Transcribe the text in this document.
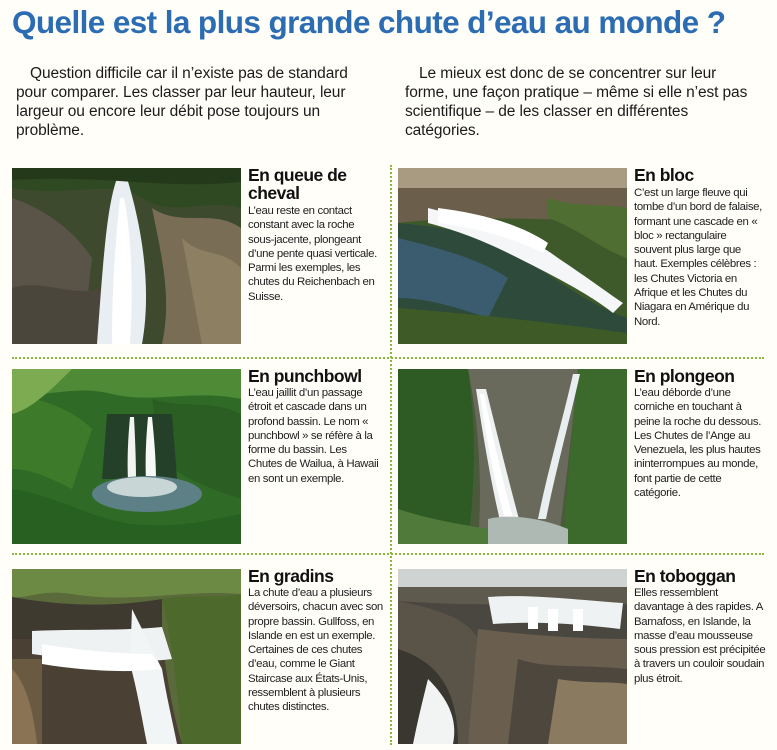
Quelle est la plus grande chute d’eau au monde ?

Question difficile car il n’existe pas de standard pour comparer. Les classer par leur hauteur, leur largeur ou encore leur débit pose toujours un problème.

Le mieux est donc de se concentrer sur leur forme, une façon pratique – même si elle n’est pas scientifique – de les classer en différentes catégories.

En queue de cheval

L’eau reste en contact constant avec la roche sous-jacente, plongeant d’une pente quasi verticale. Parmi les exemples, les chutes du Reichenbach en Suisse.

En bloc

C’est un large fleuve qui tombe d’un bord de falaise, formant une cascade en « bloc » rectangulaire souvent plus large que haut. Exemples célèbres : les Chutes Victoria en Afrique et les Chutes du Niagara en Amérique du Nord.

En punchbowl

L’eau jaillit d’un passage étroit et cascade dans un profond bassin. Le nom « punchbowl » se réfère à la forme du bassin. Les Chutes de Wailua, à Hawaii en sont un exemple.

En plongeon

L’eau déborde d’une corniche en touchant à peine la roche du dessous. Les Chutes de l’Ange au Venezuela, les plus hautes ininterrompues au monde, font partie de cette catégorie.

En gradins

La chute d’eau a plusieurs déversoirs, chacun avec son propre bassin. Gullfoss, en Islande en est un exemple. Certaines de ces chutes d’eau, comme le Giant Staircase aux États-Unis, ressemblent à plusieurs chutes distinctes.

En toboggan

Elles ressemblent davantage à des rapides. A Barnafoss, en Islande, la masse d’eau mousseuse sous pression est précipitée à travers un couloir soudain plus étroit.
